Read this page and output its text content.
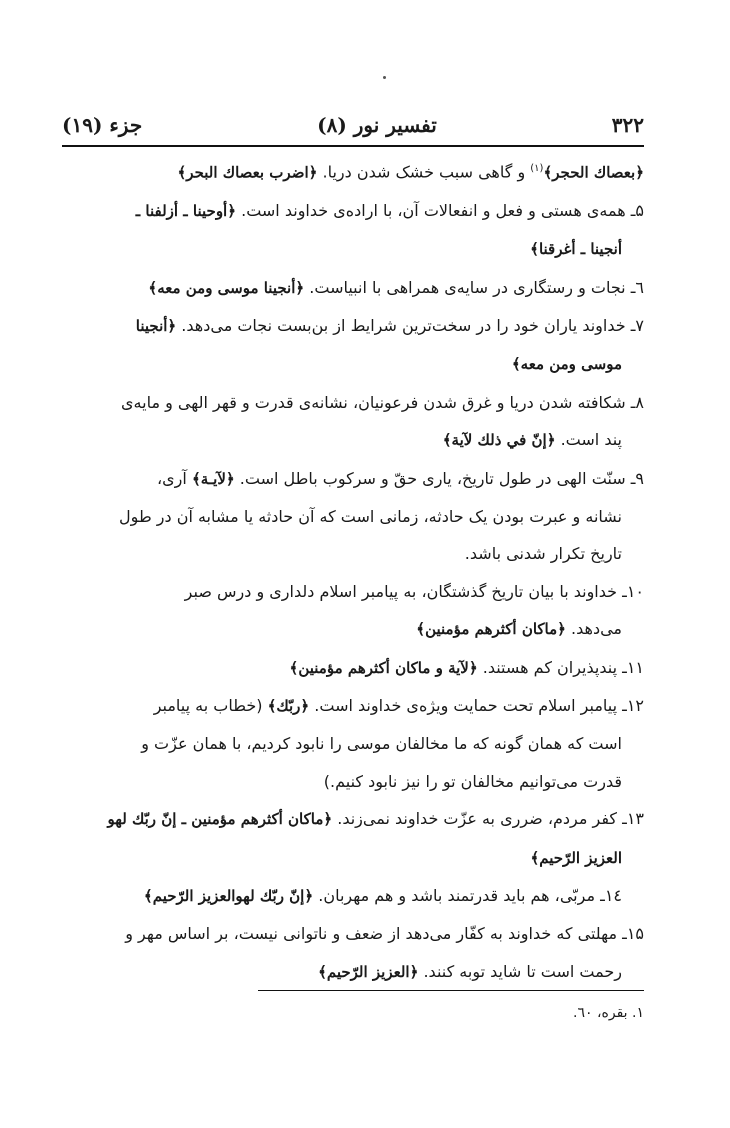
۳۲۲
تفسیر نور (۸)
جزء (۱۹)
﴿بعصاك الحجر﴾$^{(۱)}$ و گاهی سبب خشک شدن دریا. ﴿اضرب بعصاك البحر﴾
۵ـ همه‌ی هستی و فعل و انفعالات آن، با اراده‌ی خداوند است. ﴿أوحينا ـ أزلفنا ـ
أنجينا ـ أغرقنا﴾
٦ـ نجات و رستگاری در سایه‌ی همراهی با انبیاست. ﴿أنجينا موسى ومن معه﴾
۷ـ خداوند یاران خود را در سخت‌ترین شرایط از بن‌بست نجات می‌دهد. ﴿أنجينا
موسى ومن معه﴾
۸ـ شکافته شدن دریا و غرق شدن فرعونیان، نشانه‌ی قدرت و قهر الهی و مایه‌ی
پند است. ﴿إنّ في ذلك لآية﴾
۹ـ سنّت الهی در طول تاریخ، یاری حقّ و سرکوب باطل است. ﴿لآيـة﴾ آری،
نشانه و عبرت بودن یک حادثه، زمانی است که آن حادثه یا مشابه آن در طول
تاریخ تکرار شدنی باشد.
۱۰ـ خداوند با بیان تاریخ گذشتگان، به پیامبر اسلام دلداری و درس صبر
می‌دهد. ﴿ماكان أكثرهم مؤمنين﴾
۱۱ـ پندپذیران کم هستند. ﴿لآية و ماكان أكثرهم مؤمنين﴾
۱۲ـ پیامبر اسلام تحت حمایت ویژه‌ی خداوند است. ﴿ربّك﴾ (خطاب به پیامبر
است که همان گونه که ما مخالفان موسی را نابود کردیم، با همان عزّت و
قدرت می‌توانیم مخالفان تو را نیز نابود کنیم.)
۱۳ـ کفر مردم، ضرری به عزّت خداوند نمی‌زند. ﴿ماكان أكثرهم مؤمنين ـ إنّ ربّك لهو
العزيز الرّحيم﴾
۱٤ـ مربّی، هم باید قدرتمند باشد و هم مهربان. ﴿إنّ ربّك لهوالعزيز الرّحيم﴾
۱۵ـ مهلتی که خداوند به کفّار می‌دهد از ضعف و ناتوانی نیست، بر اساس مهر و
رحمت است تا شاید توبه کنند. ﴿العزيز الرّحيم﴾
۱. بقره، ٦۰.
